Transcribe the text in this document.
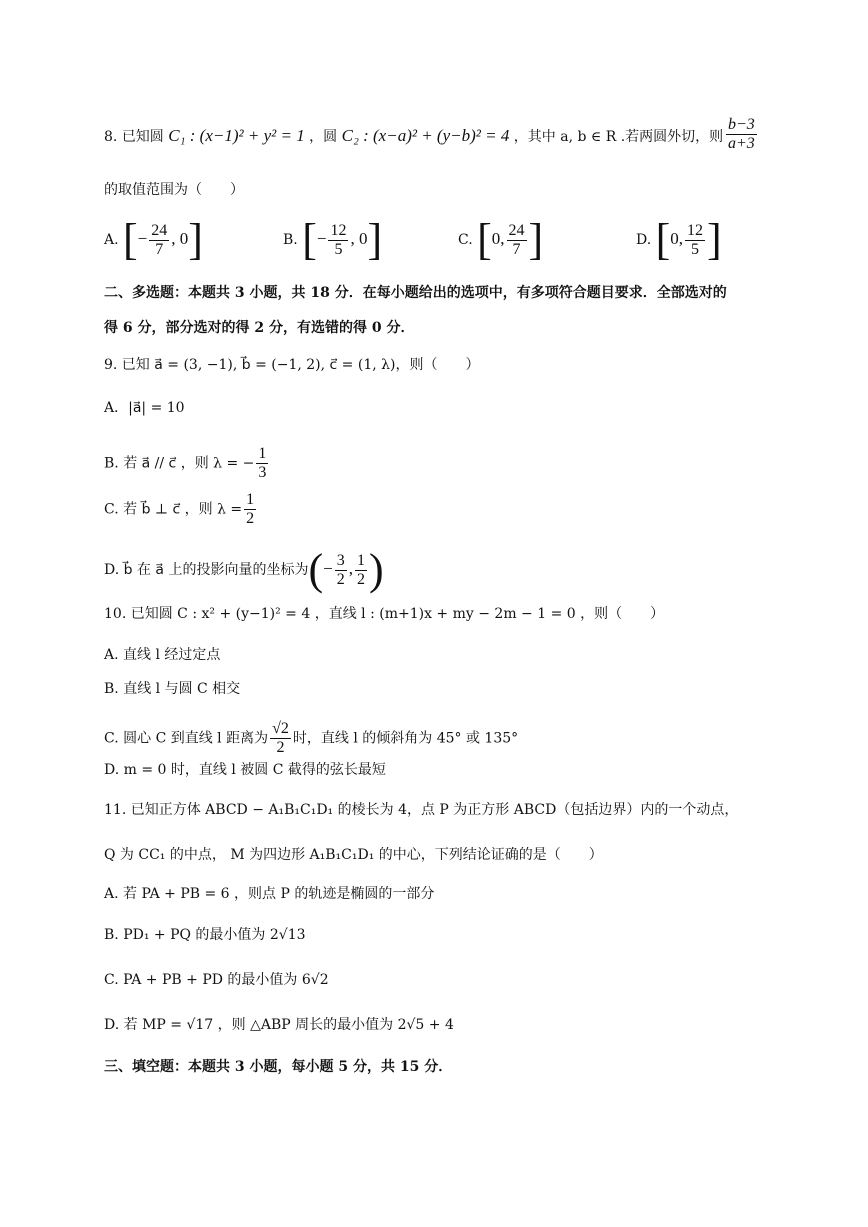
8. 已知圆 C₁ : (x−1)² + y² = 1 ，圆 C₂ : (x−a)² + (y−b)² = 4 ，其中 a, b ∈ R .若两圆外切，则 $\frac{b-3}{a+3}$
的取值范围为（　　）
A. [− $\frac{24}{7}$ , 0]	B. [− $\frac{12}{5}$ , 0]	C. [0, $\frac{24}{7}$ ]	D. [0, $\frac{12}{5}$ ]
二、多选题：本题共 3 小题，共 18 分．在每小题给出的选项中，有多项符合题目要求．全部选对的
得 6 分，部分选对的得 2 分，有选错的得 0 分．
9. 已知 a⃗ = (3, −1), b⃗ = (−1, 2), c⃗ = (1, λ)，则（　　）
A．|a⃗| = 10
B. 若 a⃗ // c⃗ ，则 λ = − $\frac{1}{3}$
C. 若 b⃗ ⊥ c⃗ ，则 $\lambda = \frac{1}{2}$
D. b⃗ 在 a⃗ 上的投影向量的坐标为(− $\frac{3}{2}$ , $\frac{1}{2}$ )
10. 已知圆 C : x² + (y−1)² = 4 ，直线 l : (m+1)x + my − 2m − 1 = 0 ，则（　　）
A. 直线 l 经过定点
B. 直线 l 与圆 C 相交
C. 圆心 C 到直线 l 距离为 $\frac{√2}{2}$ 时，直线 l 的倾斜角为 45° 或 135°
D. m = 0 时，直线 l 被圆 C 截得的弦长最短
11. 已知正方体 ABCD − A₁B₁C₁D₁ 的棱长为 4，点 P 为正方形 ABCD（包括边界）内的一个动点，
Q 为 CC₁ 的中点， M 为四边形 A₁B₁C₁D₁ 的中心，下列结论证确的是（　　）
A. 若 PA + PB = 6 ，则点 P 的轨迹是椭圆的一部分
B. PD₁ + PQ 的最小值为 2√13
C. PA + PB + PD 的最小值为 6√2
D. 若 MP = √17 ，则 △ABP 周长的最小值为 2√5 + 4
三、填空题：本题共 3 小题，每小题 5 分，共 15 分．
